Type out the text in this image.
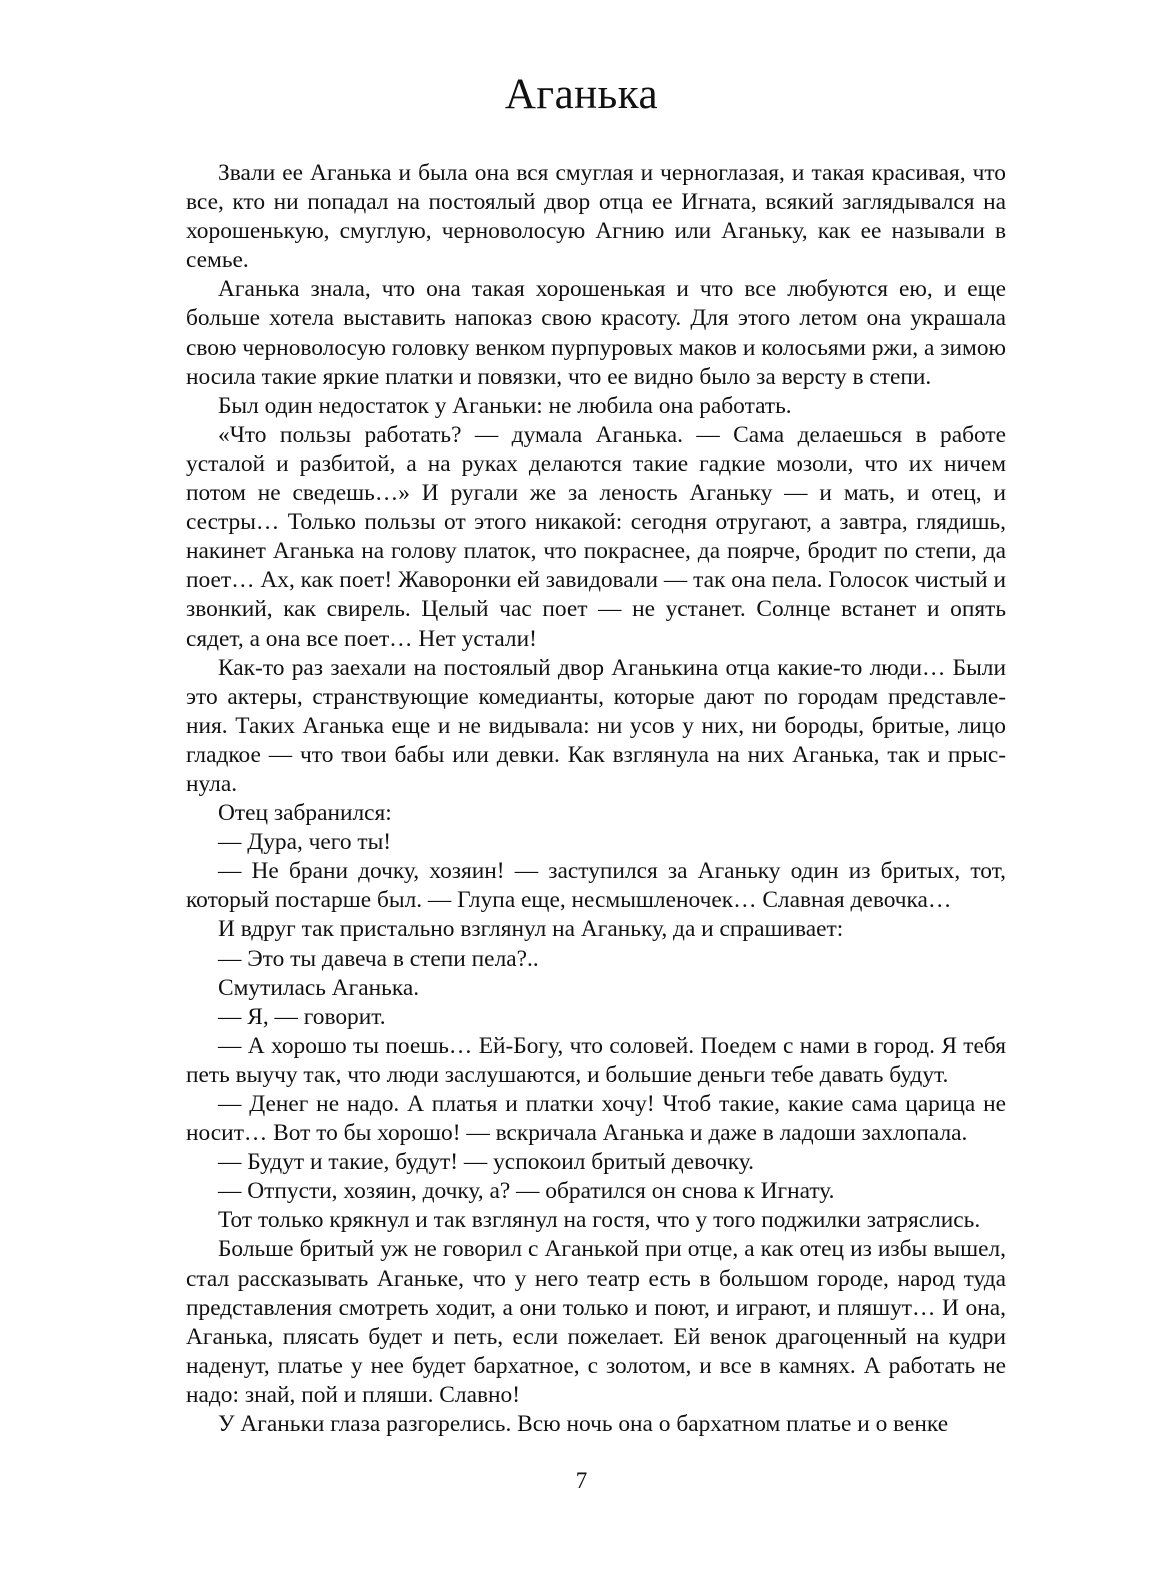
Аганька

Звали ее Аганька и была она вся смуглая и черноглазая, и такая красивая, что все, кто ни попадал на постоялый двор отца ее Игната, всякий заглядывался на хорошенькую, смуглую, черноволосую Агнию или Аганьку, как ее называли в семье.

Аганька знала, что она такая хорошенькая и что все любуются ею, и еще больше хотела выставить напоказ свою красоту. Для этого летом она украшала свою черноволосую головку венком пурпуровых маков и колосьями ржи, а зимою носила такие яркие платки и повязки, что ее видно было за версту в степи.

Был один недостаток у Аганьки: не любила она работать.

«Что пользы работать? — думала Аганька. — Сама делаешься в работе усталой и разбитой, а на руках делаются такие гадкие мозоли, что их ничем потом не сведешь…» И ругали же за леность Аганьку — и мать, и отец, и сестры… Только пользы от этого никакой: сегодня отругают, а завтра, глядишь, накинет Аганька на голову платок, что покраснее, да поярче, бродит по степи, да поет… Ах, как поет! Жаворонки ей завидовали — так она пела. Голосок чистый и звонкий, как свирель. Целый час поет — не устанет. Солнце встанет и опять сядет, а она все поет… Нет устали!

Как-то раз заехали на постоялый двор Аганькина отца какие-то люди… Были это актеры, странствующие комедианты, которые дают по городам представления. Таких Аганька еще и не видывала: ни усов у них, ни бороды, бритые, лицо гладкое — что твои бабы или девки. Как взглянула на них Аганька, так и прыснула.

Отец забранился:

— Дура, чего ты!

— Не брани дочку, хозяин! — заступился за Аганьку один из бритых, тот, который постарше был. — Глупа еще, несмышленочек… Славная девочка…

И вдруг так пристально взглянул на Аганьку, да и спрашивает:

— Это ты давеча в степи пела?..

Смутилась Аганька.

— Я, — говорит.

— А хорошо ты поешь… Ей-Богу, что соловей. Поедем с нами в город. Я тебя петь выучу так, что люди заслушаются, и большие деньги тебе давать будут.

— Денег не надо. А платья и платки хочу! Чтоб такие, какие сама царица не носит… Вот то бы хорошо! — вскричала Аганька и даже в ладоши захлопала.

— Будут и такие, будут! — успокоил бритый девочку.

— Отпусти, хозяин, дочку, а? — обратился он снова к Игнату.

Тот только крякнул и так взглянул на гостя, что у того поджилки затряслись.

Больше бритый уж не говорил с Аганькой при отце, а как отец из избы вышел, стал рассказывать Аганьке, что у него театр есть в большом городе, народ туда представления смотреть ходит, а они только и поют, и играют, и пляшут… И она, Аганька, плясать будет и петь, если пожелает. Ей венок драгоценный на кудри наденут, платье у нее будет бархатное, с золотом, и все в камнях. А работать не надо: знай, пой и пляши. Славно!

У Аганьки глаза разгорелись. Всю ночь она о бархатном платье и о венке

7
